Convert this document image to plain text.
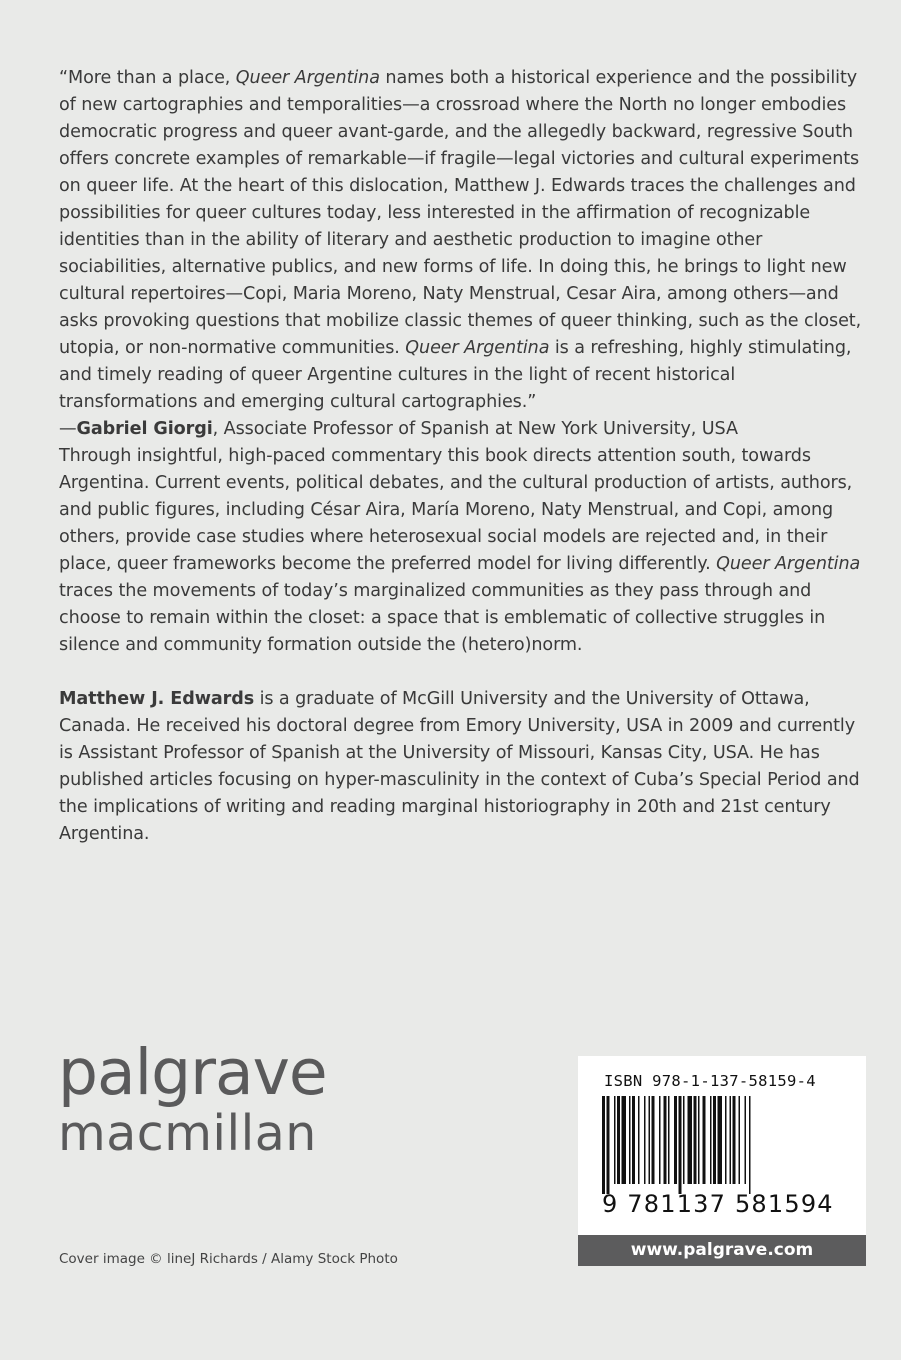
“More than a place, Queer Argentina names both a historical experience and the possibility of new cartographies and temporalities—a crossroad where the North no longer embodies democratic progress and queer avant-garde, and the allegedly backward, regressive South offers concrete examples of remarkable—if fragile—legal victories and cultural experiments on queer life. At the heart of this dislocation, Matthew J. Edwards traces the challenges and possibilities for queer cultures today, less interested in the affirmation of recognizable identities than in the ability of literary and aesthetic production to imagine other sociabilities, alternative publics, and new forms of life. In doing this, he brings to light new cultural repertoires—Copi, Maria Moreno, Naty Menstrual, Cesar Aira, among others—and asks provoking questions that mobilize classic themes of queer thinking, such as the closet, utopia, or non-normative communities. Queer Argentina is a refreshing, highly stimulating, and timely reading of queer Argentine cultures in the light of recent historical transformations and emerging cultural cartographies.”
—Gabriel Giorgi, Associate Professor of Spanish at New York University, USA

Through insightful, high-paced commentary this book directs attention south, towards Argentina. Current events, political debates, and the cultural production of artists, authors, and public figures, including César Aira, María Moreno, Naty Menstrual, and Copi, among others, provide case studies where heterosexual social models are rejected and, in their place, queer frameworks become the preferred model for living differently. Queer Argentina traces the movements of today’s marginalized communities as they pass through and choose to remain within the closet: a space that is emblematic of collective struggles in silence and community formation outside the (hetero)norm.

Matthew J. Edwards is a graduate of McGill University and the University of Ottawa, Canada. He received his doctoral degree from Emory University, USA in 2009 and currently is Assistant Professor of Spanish at the University of Missouri, Kansas City, USA. He has published articles focusing on hyper-masculinity in the context of Cuba’s Special Period and the implications of writing and reading marginal historiography in 20th and 21st century Argentina.

palgrave
macmillan
Cover image © lineJ Richards / Alamy Stock Photo
ISBN 978-1-137-58159-4
9 781137 581594
www.palgrave.com
